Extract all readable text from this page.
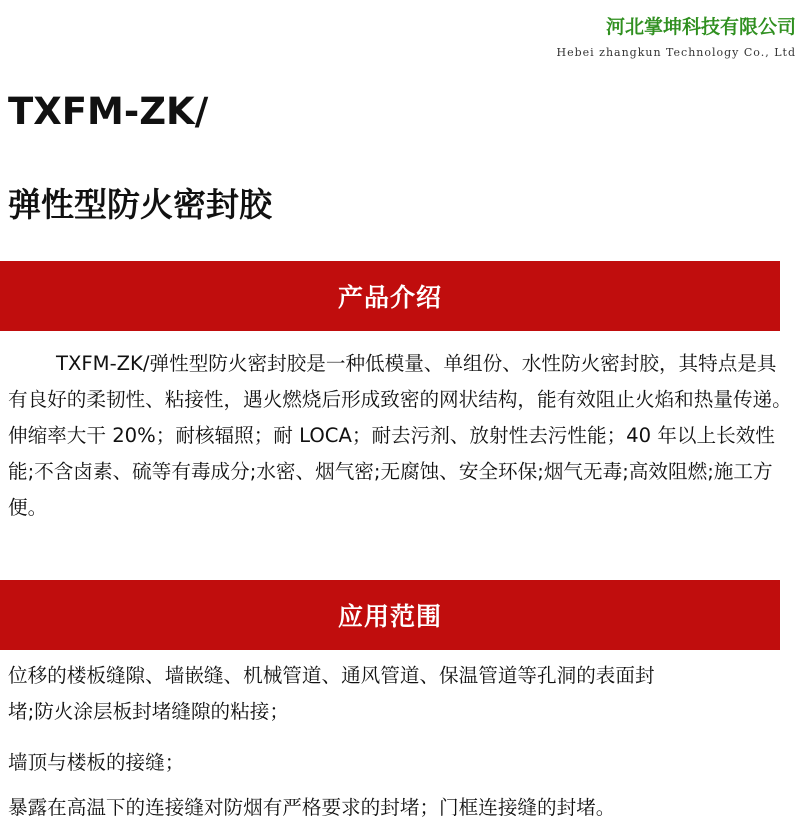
河北掌坤科技有限公司
Hebei zhangkun Technology Co., Ltd
TXFM-ZK/
弹性型防火密封胶
产品介绍
TXFM-ZK/弹性型防火密封胶是一种低模量、单组份、水性防火密封胶，其特点是具有良好的柔韧性、粘接性，遇火燃烧后形成致密的网状结构，能有效阻止火焰和热量传递。伸缩率大干 20%；耐核辐照；耐 LOCA；耐去污剂、放射性去污性能；40 年以上长效性能;不含卤素、硫等有毒成分;水密、烟气密;无腐蚀、安全环保;烟气无毒;高效阻燃;施工方便。
应用范围
位移的楼板缝隙、墙嵌缝、机械管道、通风管道、保温管道等孔洞的表面封
堵;防火涂层板封堵缝隙的粘接；
墙顶与楼板的接缝；
暴露在高温下的连接缝对防烟有严格要求的封堵；门框连接缝的封堵。
